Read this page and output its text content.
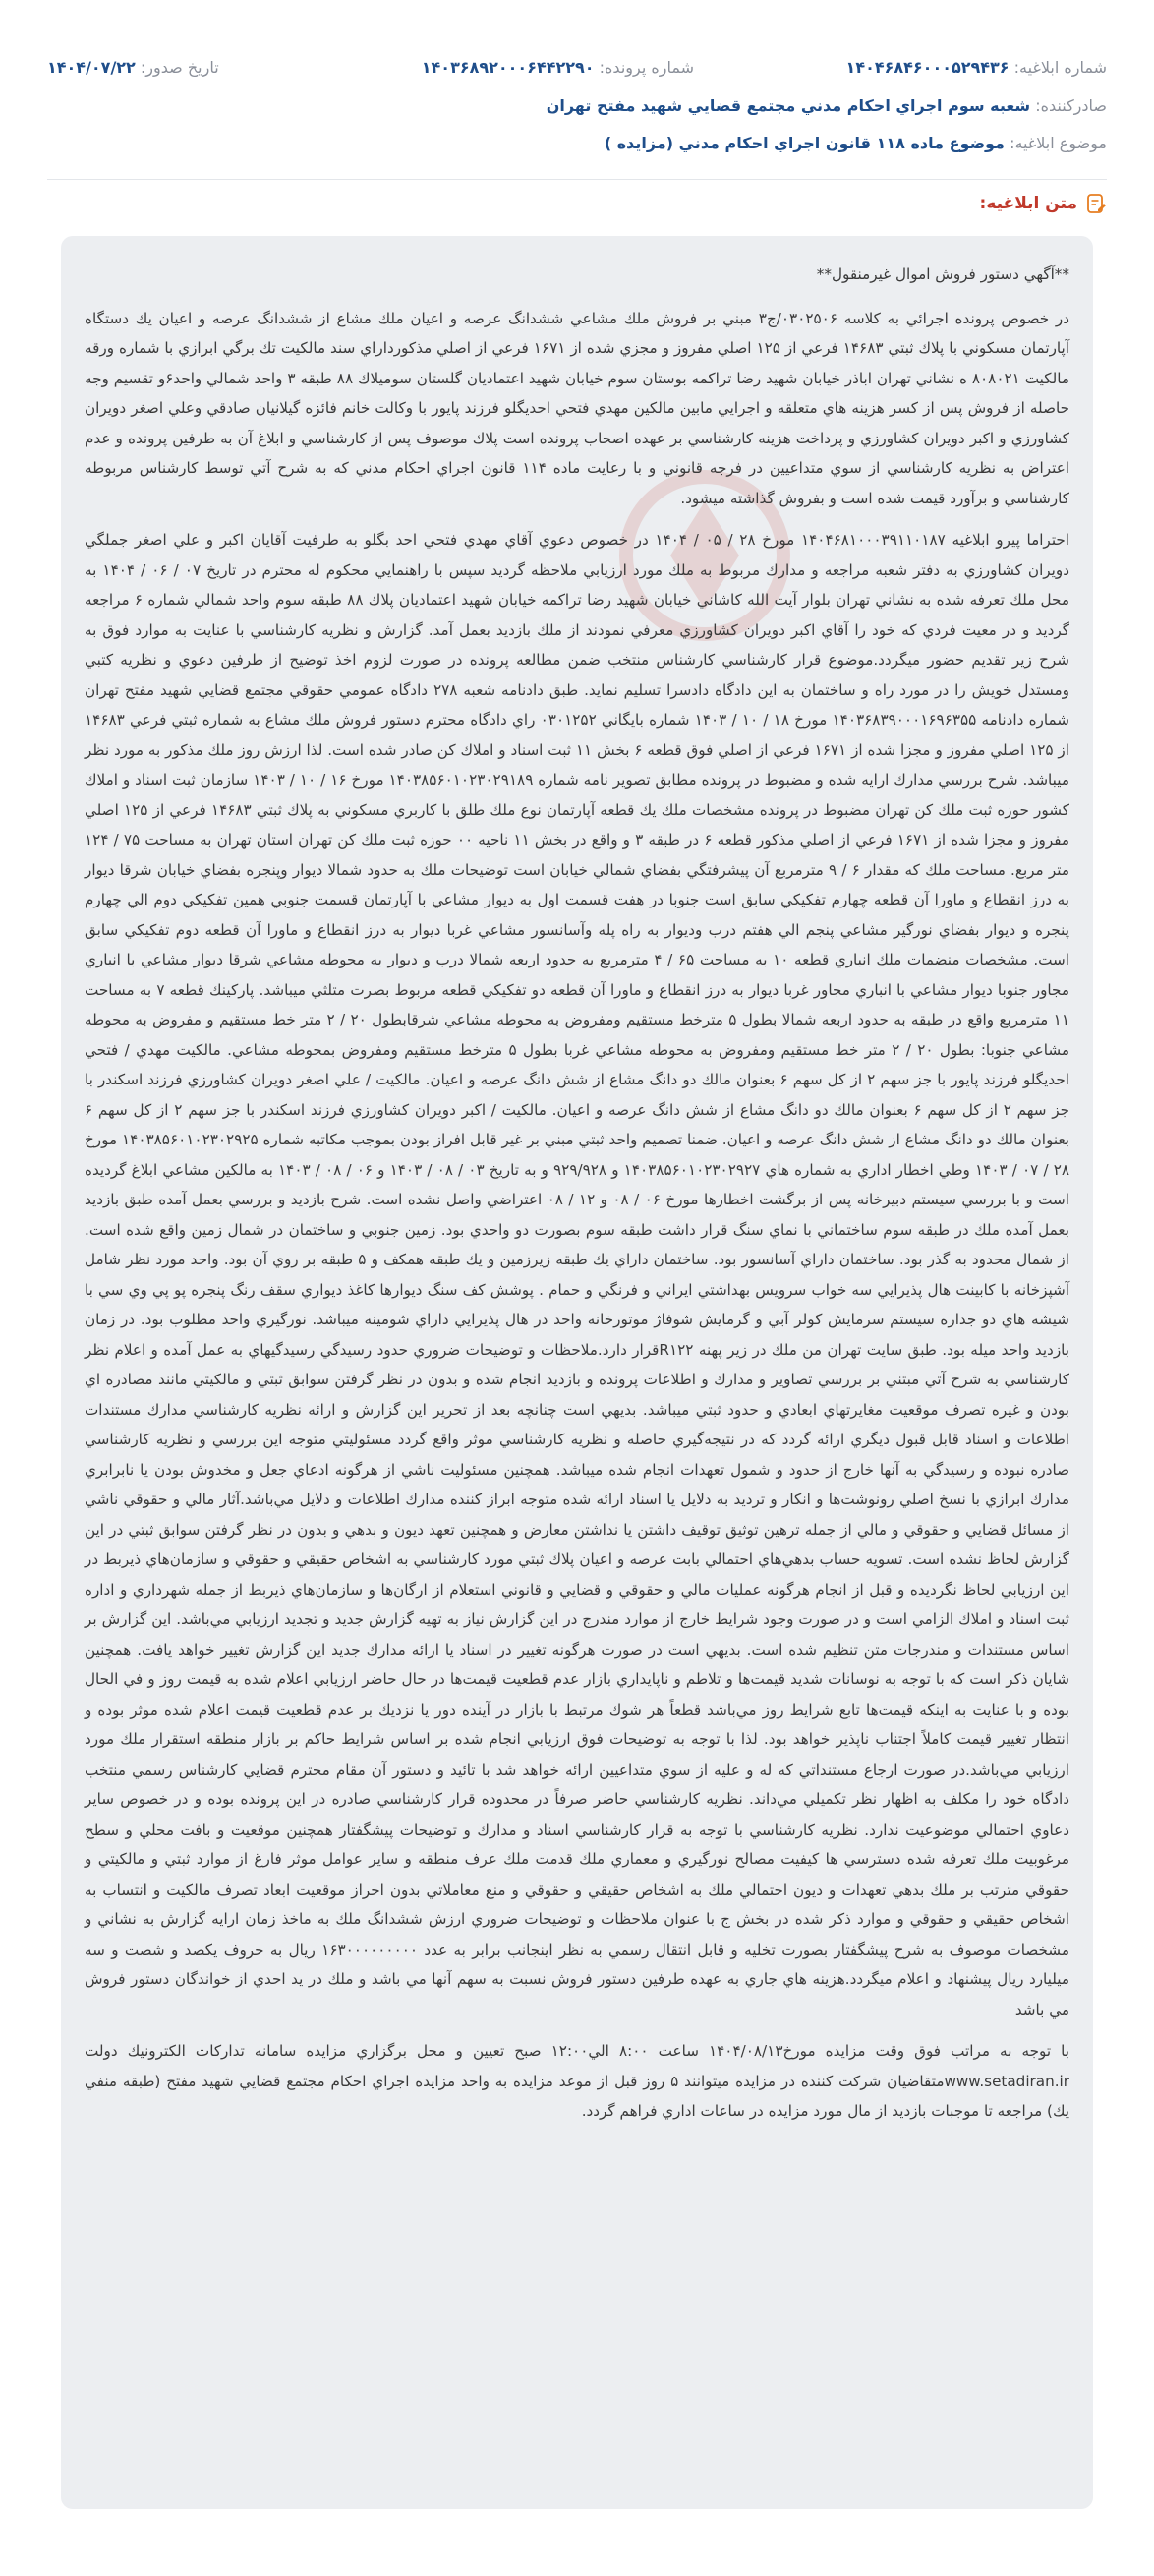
شماره ابلاغیه: ۱۴۰۴۶۸۴۶۰۰۰۵۲۹۴۳۶
شماره پرونده: ۱۴۰۳۶۸۹۲۰۰۰۶۴۴۲۲۹۰
تاریخ صدور: ۱۴۰۴/۰۷/۲۲
صادرکننده: شعبه سوم اجراي احكام مدني مجتمع قضايي شهيد مفتح تهران
موضوع ابلاغیه: موضوع ماده ۱۱۸ قانون اجراي احكام مدني (مزايده )
متن ابلاغیه:

**آگهي دستور فروش اموال غيرمنقول**

در خصوص پرونده اجرائي به كلاسه ۰۳۰۲۵۰۶/ج۳ مبني بر فروش ملك مشاعي ششدانگ عرصه و اعيان ملك مشاع از ششدانگ عرصه و اعيان يك دستگاه آپارتمان مسكوني با پلاك ثبتي ۱۴۶۸۳ فرعي از ۱۲۵ اصلي مفروز و مجزي شده از ۱۶۷۱ فرعي از اصلي مذكورداراي سند مالكيت تك برگي ابرازي با شماره ورقه مالكيت ۸۰۸۰۲۱ ه نشاني تهران اباذر خيابان شهيد رضا تراكمه بوستان سوم خيابان شهيد اعتماديان گلستان سوميلاك ۸۸ طبقه ۳ واحد شمالي واحد۶و تقسيم وجه حاصله از فروش پس از كسر هزينه هاي متعلقه و اجرايي مابين مالكين مهدي فتحي احديگلو فرزند پايور با وكالت خانم فائزه گيلانيان صادقي وعلي اصغر دويران كشاورزي و اكبر دويران كشاورزي و پرداخت هزينه كارشناسي بر عهده اصحاب پرونده است پلاك موصوف پس از كارشناسي و ابلاغ آن به طرفين پرونده و عدم اعتراض به نظريه كارشناسي از سوي متداعيين در فرجه قانوني و با رعايت ماده ۱۱۴ قانون اجراي احكام مدني كه به شرح آتي توسط كارشناس مربوطه كارشناسي و برآورد قيمت شده است و بفروش گذاشته ميشود.

احتراما پيرو ابلاغيه ۱۴۰۴۶۸۱۰۰۰۳۹۱۱۰۱۸۷ مورخ ۲۸ / ۰۵ / ۱۴۰۴ در خصوص دعوي آقاي مهدي فتحي احد بگلو به طرفيت آقايان اكبر و علي اصغر جملگي دويران كشاورزي به دفتر شعبه مراجعه و مدارك مربوط به ملك مورد ارزيابي ملاحظه گرديد سپس با راهنمايي محكوم له محترم در تاريخ ۰۷ / ۰۶ / ۱۴۰۴ به محل ملك تعرفه شده به نشاني تهران بلوار آيت الله كاشاني خيابان شهيد رضا تراكمه خيابان شهيد اعتماديان پلاك ۸۸ طبقه سوم واحد شمالي شماره ۶ مراجعه گرديد و در معيت فردي كه خود را آقاي اكبر دويران كشاورزي معرفي نمودند از ملك بازديد بعمل آمد. گزارش و نظريه كارشناسي با عنايت به موارد فوق به شرح زير تقديم حضور ميگردد.موضوع قرار كارشناسي كارشناس منتخب ضمن مطالعه پرونده در صورت لزوم اخذ توضيح از طرفين دعوي و نظريه كتبي ومستدل خويش را در مورد راه و ساختمان به اين دادگاه دادسرا تسليم نمايد. طبق دادنامه شعبه ۲۷۸ دادگاه عمومي حقوقي مجتمع قضايي شهيد مفتح تهران شماره دادنامه ۱۴۰۳۶۸۳۹۰۰۰۱۶۹۶۳۵۵ مورخ ۱۸ / ۱۰ / ۱۴۰۳ شماره بايگاني ۰۳۰۱۲۵۲ راي دادگاه محترم دستور فروش ملك مشاع به شماره ثبتي فرعي ۱۴۶۸۳ از ۱۲۵ اصلي مفروز و مجزا شده از ۱۶۷۱ فرعي از اصلي فوق قطعه ۶ بخش ۱۱ ثبت اسناد و املاك كن صادر شده است. لذا ارزش روز ملك مذكور به مورد نظر ميباشد. شرح بررسي مدارك ارايه شده و مضبوط در پرونده مطابق تصوير نامه شماره ۱۴۰۳۸۵۶۰۱۰۲۳۰۲۹۱۸۹ مورخ ۱۶ / ۱۰ / ۱۴۰۳ سازمان ثبت اسناد و املاك كشور حوزه ثبت ملك كن تهران مضبوط در پرونده مشخصات ملك يك قطعه آپارتمان نوع ملك طلق با كاربري مسكوني به پلاك ثبتي ۱۴۶۸۳ فرعي از ۱۲۵ اصلي مفروز و مجزا شده از ۱۶۷۱ فرعي از اصلي مذكور قطعه ۶ در طبقه ۳ و واقع در بخش ۱۱ ناحيه ۰۰ حوزه ثبت ملك كن تهران استان تهران به مساحت ۷۵ / ۱۲۴ متر مربع. مساحت ملك كه مقدار ۶ / ۹ مترمربع آن پيشرفتگي بفضاي شمالي خيابان است توضيحات ملك به حدود شمالا ديوار وپنجره بفضاي خيابان شرقا ديوار به درز انقطاع و ماورا آن قطعه چهارم تفكيكي سابق است جنوبا در هفت قسمت اول به ديوار مشاعي با آپارتمان قسمت جنوبي همين تفكيكي دوم الي چهارم پنجره و ديوار بفضاي نورگير مشاعي پنجم الي هفتم درب وديوار به راه پله وآسانسور مشاعي غربا ديوار به درز انقطاع و ماورا آن قطعه دوم تفكيكي سابق است. مشخصات منضمات ملك انباري قطعه ۱۰ به مساحت ۶۵ / ۴ مترمربع به حدود اربعه شمالا درب و ديوار به محوطه مشاعي شرقا ديوار مشاعي با انباري مجاور جنوبا ديوار مشاعي با انباري مجاور غربا ديوار به درز انقطاع و ماورا آن قطعه دو تفكيكي قطعه مربوط بصرت متلثي ميباشد. پاركينك قطعه ۷ به مساحت ۱۱ مترمربع واقع در طبقه به حدود اربعه شمالا بطول ۵ مترخط مستقيم ومفروض به محوطه مشاعي شرقابطول ۲۰ / ۲ متر خط مستقيم و مفروض به محوطه مشاعي جنوبا: بطول ۲۰ / ۲ متر خط مستقيم ومفروض به محوطه مشاعي غربا بطول ۵ مترخط مستقيم ومفروض بمحوطه مشاعي. مالكيت مهدي / فتحي احديگلو فرزند پايور با جز سهم ۲ از كل سهم ۶ بعنوان مالك دو دانگ مشاع از شش دانگ عرصه و اعيان. مالكيت / علي اصغر دويران كشاورزي فرزند اسكندر با جز سهم ۲ از كل سهم ۶ بعنوان مالك دو دانگ مشاع از شش دانگ عرصه و اعيان. مالكيت / اكبر دويران كشاورزي فرزند اسكندر با جز سهم ۲ از كل سهم ۶ بعنوان مالك دو دانگ مشاع از شش دانگ عرصه و اعيان. ضمنا تصميم واحد ثبتي مبني بر غير قابل افراز بودن بموجب مكاتبه شماره ۱۴۰۳۸۵۶۰۱۰۲۳۰۲۹۲۵ مورخ ۲۸ / ۰۷ / ۱۴۰۳ وطي اخطار اداري به شماره هاي ۱۴۰۳۸۵۶۰۱۰۲۳۰۲۹۲۷ و ۹۲۹/۹۲۸ و به تاريخ ۰۳ / ۰۸ / ۱۴۰۳ و ۰۶ / ۰۸ / ۱۴۰۳ به مالكين مشاعي ابلاغ گرديده است و با بررسي سيستم دبيرخانه پس از برگشت اخطارها مورخ ۰۶ / ۰۸ و ۱۲ / ۰۸ اعتراضي واصل نشده است. شرح بازديد و بررسي بعمل آمده طبق بازديد بعمل آمده ملك در طبقه سوم ساختماني با نماي سنگ قرار داشت طبقه سوم بصورت دو واحدي بود. زمين جنوبي و ساختمان در شمال زمين واقع شده است. از شمال محدود به گذر بود. ساختمان داراي آسانسور بود. ساختمان داراي يك طبقه زيرزمين و يك طبقه همكف و ۵ طبقه بر روي آن بود. واحد مورد نظر شامل آشپزخانه با كابينت هال پذيرايي سه خواب سرويس بهداشتي ايراني و فرنگي و حمام . پوشش كف سنگ ديوارها كاغذ ديواري سقف رنگ پنجره پو پي وي سي با شيشه هاي دو جداره سيستم سرمايش كولر آبي و گرمايش شوفاژ موتورخانه واحد در هال پذيرايي داراي شومينه ميباشد. نورگيري واحد مطلوب بود. در زمان بازديد واحد ميله بود. طبق سايت تهران من ملك در زير پهنه R۱۲۲قرار دارد.ملاحظات و توضيحات ضروري حدود رسيدگي رسيدگيهاي به عمل آمده و اعلام نظر كارشناسي به شرح آتي مبتني بر بررسي تصاوير و مدارك و اطلاعات پرونده و بازديد انجام شده و بدون در نظر گرفتن سوابق ثبتي و مالكيتي مانند مصادره اي بودن و غيره تصرف موقعيت مغايرتهاي ابعادي و حدود ثبتي ميباشد. بديهي است چنانچه بعد از تحرير اين گزارش و ارائه نظريه كارشناسي مدارك مستندات اطلاعات و اسناد قابل قبول ديگري ارائه گردد كه در نتيجه‌گيري حاصله و نظريه كارشناسي موثر واقع گردد مسئوليتي متوجه اين بررسي و نظريه كارشناسي صادره نبوده و رسيدگي به آنها خارج از حدود و شمول تعهدات انجام شده ميباشد. همچنين مسئوليت ناشي از هرگونه ادعاي جعل و مخدوش بودن يا نابرابري مدارك ابرازي با نسخ اصلي رونوشت‌ها و انكار و ترديد به دلايل يا اسناد ارائه شده متوجه ابراز كننده مدارك اطلاعات و دلايل مي‌باشد.آثار مالي و حقوقي ناشي از مسائل قضايي و حقوقي و مالي از جمله ترهين توثيق توقيف داشتن يا نداشتن معارض و همچنين تعهد ديون و بدهي و بدون در نظر گرفتن سوابق ثبتي در اين گزارش لحاظ نشده است. تسويه حساب بدهي‌هاي احتمالي بابت عرصه و اعيان پلاك ثبتي مورد كارشناسي به اشخاص حقيقي و حقوقي و سازمان‌هاي ذيربط در اين ارزيابي لحاظ نگرديده و قبل از انجام هرگونه عمليات مالي و حقوقي و قضايي و قانوني استعلام از ارگان‌ها و سازمان‌هاي ذيربط از جمله شهرداري و اداره ثبت اسناد و املاك الزامي است و در صورت وجود شرايط خارج از موارد مندرج در اين گزارش نياز به تهيه گزارش جديد و تجديد ارزيابي مي‌باشد. اين گزارش بر اساس مستندات و مندرجات متن تنظيم شده است. بديهي است در صورت هرگونه تغيير در اسناد يا ارائه مدارك جديد اين گزارش تغيير خواهد يافت. همچنين شايان ذكر است كه با توجه به نوسانات شديد قيمت‌ها و تلاطم و ناپايداري بازار عدم قطعيت قيمت‌ها در حال حاضر ارزيابي اعلام شده به قيمت روز و في الحال بوده و با عنايت به اينكه قيمت‌ها تابع شرايط روز مي‌باشد قطعاً هر شوك مرتبط با بازار در آينده دور يا نزديك بر عدم قطعيت قيمت اعلام شده موثر بوده و انتظار تغيير قيمت كاملاً اجتناب ناپذير خواهد بود. لذا با توجه به توضيحات فوق ارزيابي انجام شده بر اساس شرايط حاكم بر بازار منطقه استقرار ملك مورد ارزيابي مي‌باشد.در صورت ارجاع مستنداتي كه له و عليه از سوي متداعيين ارائه خواهد شد با تائيد و دستور آن مقام محترم قضايي كارشناس رسمي منتخب دادگاه خود را مكلف به اظهار نظر تكميلي مي‌داند. نظريه كارشناسي حاضر صرفاً در محدوده قرار كارشناسي صادره در اين پرونده بوده و در خصوص ساير دعاوي احتمالي موضوعيت ندارد. نظريه كارشناسي با توجه به قرار كارشناسي اسناد و مدارك و توضيحات پيشگفتار همچنين موقعيت و بافت محلي و سطح مرغوبيت ملك تعرفه شده دسترسي ها كيفيت مصالح نورگيري و معماري ملك قدمت ملك عرف منطقه و ساير عوامل موثر فارغ از موارد ثبتي و مالكيتي و حقوقي مترتب بر ملك بدهي تعهدات و ديون احتمالي ملك به اشخاص حقيقي و حقوقي و منع معاملاتي بدون احراز موقعيت ابعاد تصرف مالكيت و انتساب به اشخاص حقيقي و حقوقي و موارد ذكر شده در بخش ج با عنوان ملاحظات و توضيحات ضروري ارزش ششدانگ ملك به ماخذ زمان ارايه گزارش به نشاني و مشخصات موصوف به شرح پيشگفتار بصورت تخليه و قابل انتقال رسمي به نظر اينجانب برابر به عدد ۱۶۳۰۰۰۰۰۰۰۰۰ ريال به حروف يكصد و شصت و سه ميليارد ريال پيشنهاد و اعلام ميگردد.هزينه هاي جاري به عهده طرفين دستور فروش نسبت به سهم آنها مي باشد و ملك در يد احدي از خواندگان دستور فروش مي باشد

با توجه به مراتب فوق وقت مزايده مورخ۱۴۰۴/۰۸/۱۳ ساعت ۸:۰۰ الي۱۲:۰۰ صبح تعيين و محل برگزاري مزايده سامانه تداركات الكترونيك دولت www.setadiran.irمتقاضيان شركت كننده در مزايده ميتوانند ۵ روز قبل از موعد مزايده به واحد مزايده اجراي احكام مجتمع قضايي شهيد مفتح (طبقه منفي يك) مراجعه تا موجبات بازديد از مال مورد مزايده در ساعات اداري فراهم گردد.
